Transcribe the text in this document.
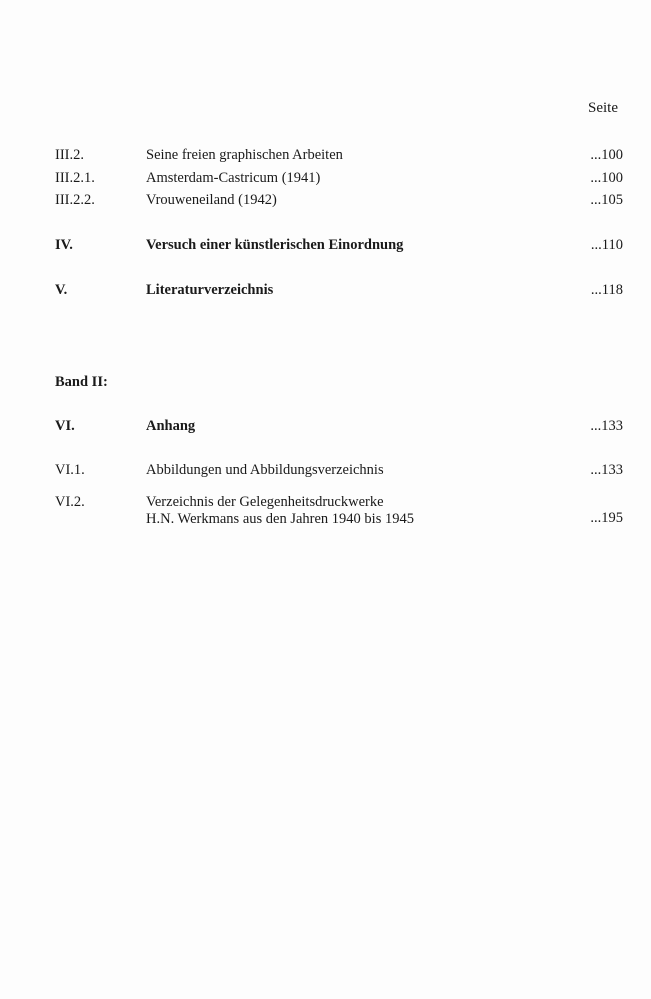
Seite
III.2.	Seine freien graphischen Arbeiten	...100
III.2.1.	Amsterdam-Castricum (1941)	...100
III.2.2.	Vrouweneiland (1942)	...105
IV.	Versuch einer künstlerischen Einordnung	...110
V.	Literaturverzeichnis	...118
Band II:
VI.	Anhang	...133
VI.1.	Abbildungen und Abbildungsverzeichnis	...133
VI.2.	Verzeichnis der Gelegenheitsdruckwerke
H.N. Werkmans aus den Jahren 1940 bis 1945	...195
